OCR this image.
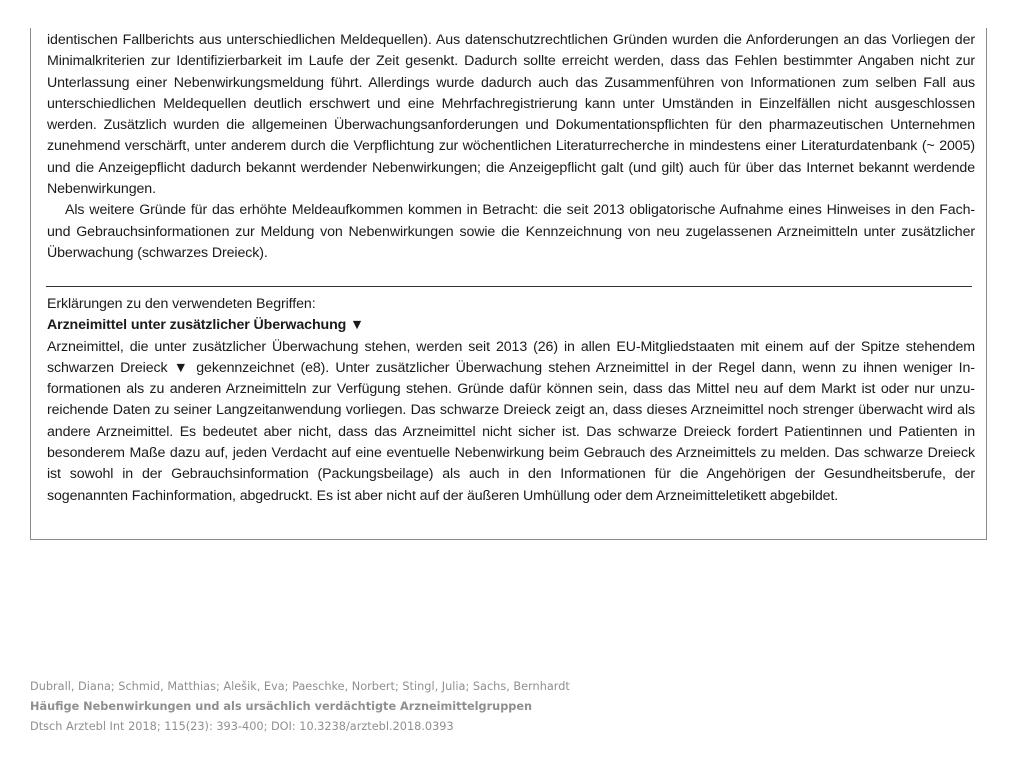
identischen Fallberichts aus unterschiedlichen Meldequellen). Aus datenschutzrechtlichen Gründen wurden die Anforderungen an das Vorliegen der Minimalkriterien zur Identifizierbarkeit im Laufe der Zeit gesenkt. Dadurch sollte erreicht werden, dass das Fehlen bestimmter Angaben nicht zur Unterlassung einer Nebenwirkungsmeldung führt. Allerdings wurde dadurch auch das Zusammenführen von Informationen zum selben Fall aus unterschiedlichen Meldequellen deutlich erschwert und eine Mehrfachregistrierung kann unter Umständen in Einzelfällen nicht ausgeschlossen werden. Zusätzlich wurden die allgemeinen Überwachungsanforderungen und Dokumentationspflichten für den pharmazeutischen Unternehmen zunehmend verschärft, unter anderem durch die Verpflichtung zur wöchentlichen Literaturrecherche in mindestens einer Literaturdatenbank (~ 2005) und die Anzeigepflicht dadurch bekannt werdender Nebenwirkungen; die Anzeigepflicht galt (und gilt) auch für über das Internet bekannt werdende Nebenwirkungen.

Als weitere Gründe für das erhöhte Meldeaufkommen kommen in Betracht: die seit 2013 obligatorische Aufnahme eines Hinweises in den Fach- und Gebrauchsinformationen zur Meldung von Nebenwirkungen sowie die Kennzeichnung von neu zugelassenen Arzneimitteln unter zusätzlicher Überwachung (schwarzes Dreieck).

Erklärungen zu den verwendeten Begriffen:

Arzneimittel unter zusätzlicher Überwachung ▼

Arzneimittel, die unter zusätzlicher Überwachung stehen, werden seit 2013 (26) in allen EU-Mitgliedstaaten mit einem auf der Spitze stehendem schwarzen Dreieck ▼ gekennzeichnet (e8). Unter zusätzlicher Überwachung stehen Arzneimittel in der Regel dann, wenn zu ihnen weniger Informationen als zu anderen Arzneimitteln zur Verfügung stehen. Gründe dafür können sein, dass das Mittel neu auf dem Markt ist oder nur unzureichende Daten zu seiner Langzeitanwendung vorliegen. Das schwarze Dreieck zeigt an, dass dieses Arzneimittel noch strenger überwacht wird als andere Arzneimittel. Es bedeutet aber nicht, dass das Arzneimittel nicht sicher ist. Das schwarze Dreieck fordert Patientinnen und Patienten in besonderem Maße dazu auf, jeden Verdacht auf eine eventuelle Nebenwirkung beim Gebrauch des Arzneimittels zu melden. Das schwarze Dreieck ist sowohl in der Gebrauchsinformation (Packungsbeilage) als auch in den Informationen für die Angehörigen der Gesundheitsberufe, der sogenannten Fachinformation, abgedruckt. Es ist aber nicht auf der äußeren Umhüllung oder dem Arzneimitteletikett abgebildet.

Dubrall, Diana; Schmid, Matthias; Alešik, Eva; Paeschke, Norbert; Stingl, Julia; Sachs, Bernhardt
Häufige Nebenwirkungen und als ursächlich verdächtigte Arzneimittelgruppen
Dtsch Arztebl Int 2018; 115(23): 393-400; DOI: 10.3238/arztebl.2018.0393
